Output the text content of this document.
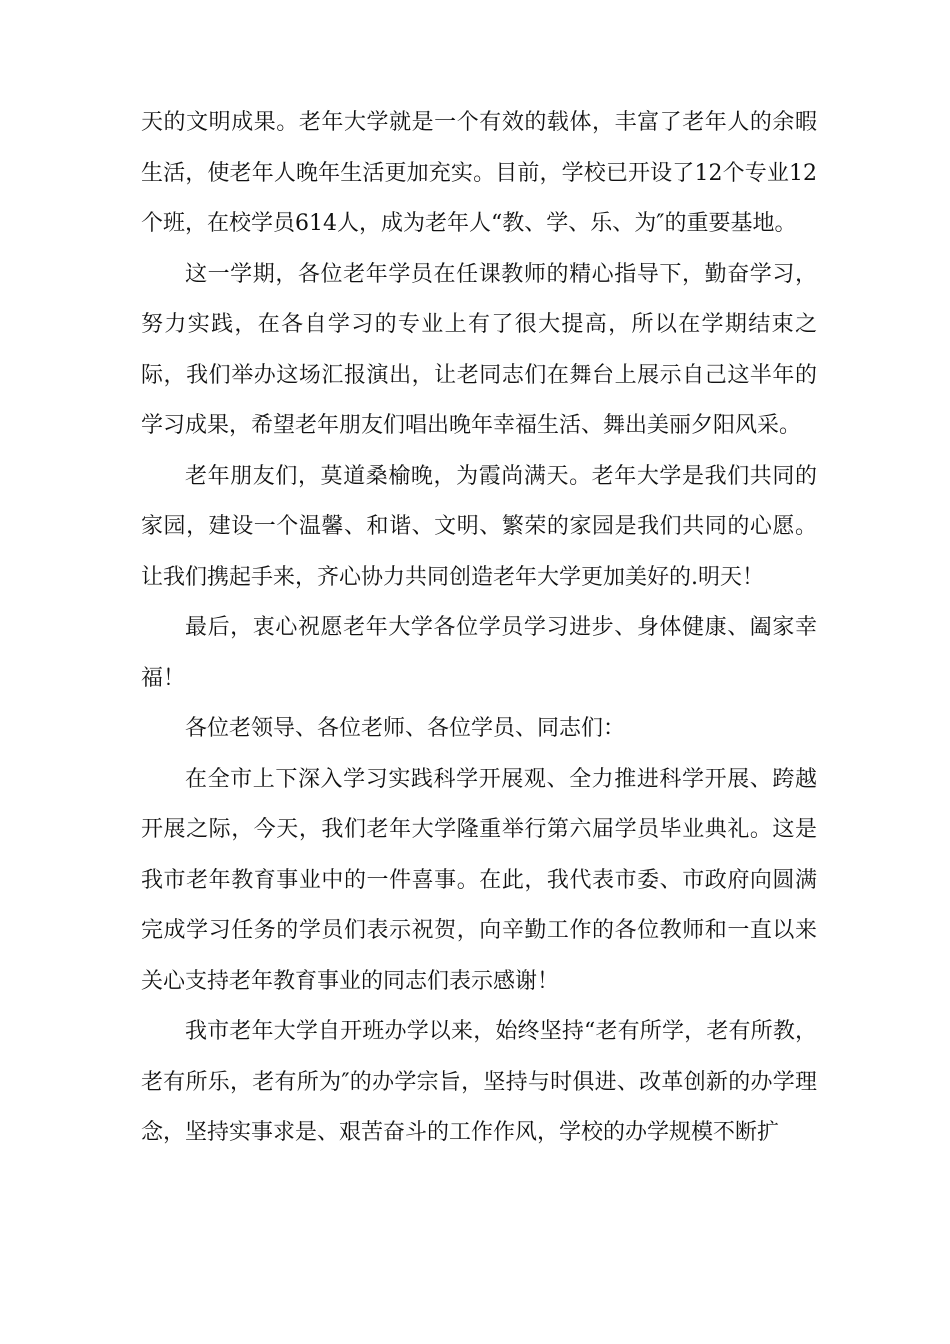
天的文明成果。老年大学就是一个有效的载体，丰富了老年人的余暇生活，使老年人晚年生活更加充实。目前，学校已开设了12个专业12个班，在校学员614人，成为老年人“教、学、乐、为″的重要基地。

这一学期，各位老年学员在任课教师的精心指导下，勤奋学习，努力实践，在各自学习的专业上有了很大提高，所以在学期结束之际，我们举办这场汇报演出，让老同志们在舞台上展示自己这半年的学习成果，希望老年朋友们唱出晚年幸福生活、舞出美丽夕阳风采。

老年朋友们，莫道桑榆晚，为霞尚满天。老年大学是我们共同的家园，建设一个温馨、和谐、文明、繁荣的家园是我们共同的心愿。让我们携起手来，齐心协力共同创造老年大学更加美好的.明天！

最后，衷心祝愿老年大学各位学员学习进步、身体健康、阖家幸福！

各位老领导、各位老师、各位学员、同志们：

在全市上下深入学习实践科学开展观、全力推进科学开展、跨越开展之际，今天，我们老年大学隆重举行第六届学员毕业典礼。这是我市老年教育事业中的一件喜事。在此，我代表市委、市政府向圆满完成学习任务的学员们表示祝贺，向辛勤工作的各位教师和一直以来关心支持老年教育事业的同志们表示感谢！

我市老年大学自开班办学以来，始终坚持“老有所学，老有所教，老有所乐，老有所为″的办学宗旨，坚持与时俱进、改革创新的办学理念，坚持实事求是、艰苦奋斗的工作作风，学校的办学规模不断扩
